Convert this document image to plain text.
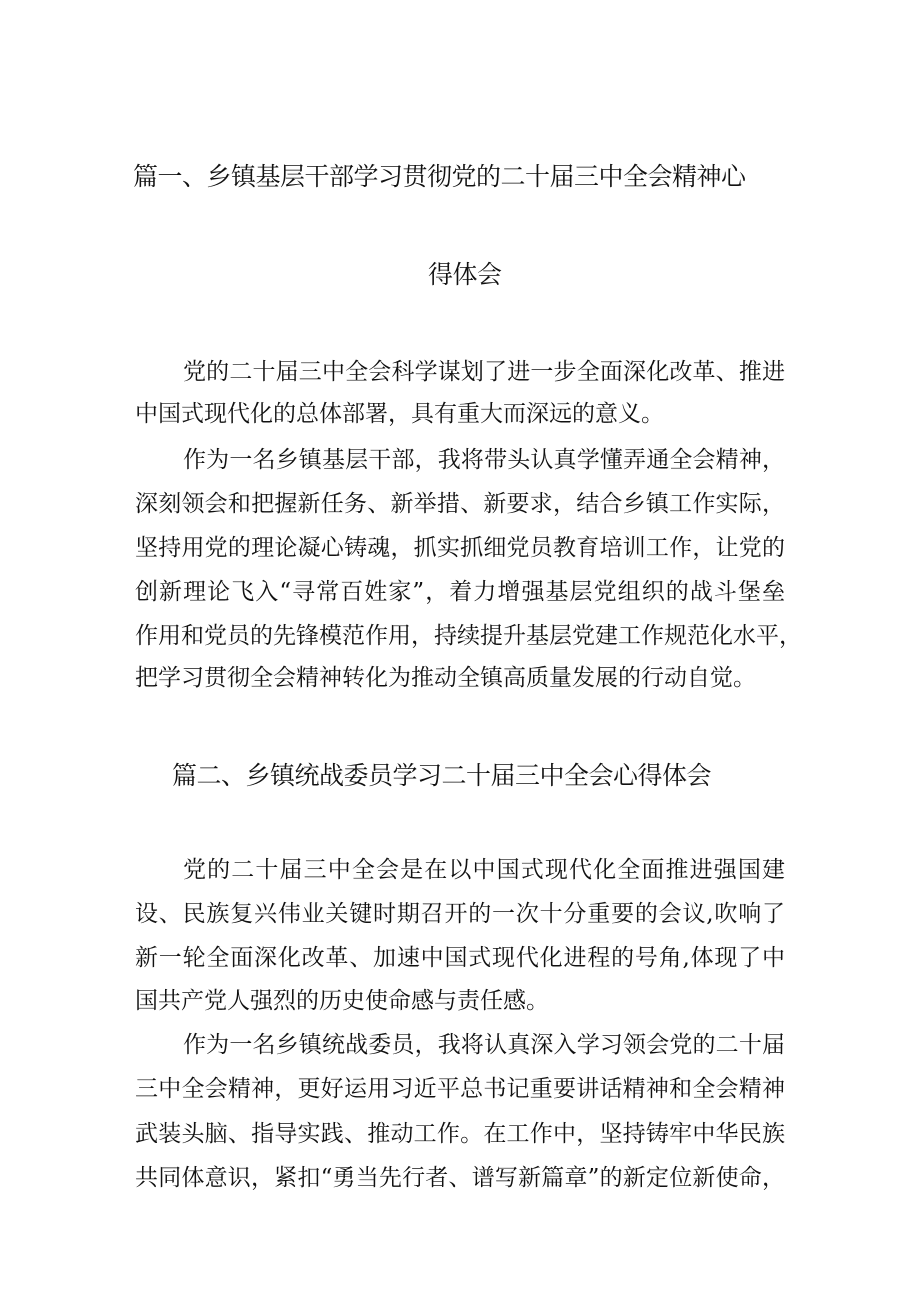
篇一、乡镇基层干部学习贯彻党的二十届三中全会精神心
得体会
党的二十届三中全会科学谋划了进一步全面深化改革、推进
中国式现代化的总体部署，具有重大而深远的意义。
作为一名乡镇基层干部，我将带头认真学懂弄通全会精神，
深刻领会和把握新任务、新举措、新要求，结合乡镇工作实际，
坚持用党的理论凝心铸魂，抓实抓细党员教育培训工作，让党的
创新理论飞入“寻常百姓家”，着力增强基层党组织的战斗堡垒
作用和党员的先锋模范作用，持续提升基层党建工作规范化水平，
把学习贯彻全会精神转化为推动全镇高质量发展的行动自觉。
篇二、乡镇统战委员学习二十届三中全会心得体会
党的二十届三中全会是在以中国式现代化全面推进强国建
设、民族复兴伟业关键时期召开的一次十分重要的会议,吹响了
新一轮全面深化改革、加速中国式现代化进程的号角,体现了中
国共产党人强烈的历史使命感与责任感。
作为一名乡镇统战委员，我将认真深入学习领会党的二十届
三中全会精神，更好运用习近平总书记重要讲话精神和全会精神
武装头脑、指导实践、推动工作。在工作中，坚持铸牢中华民族
共同体意识，紧扣“勇当先行者、谱写新篇章”的新定位新使命，
